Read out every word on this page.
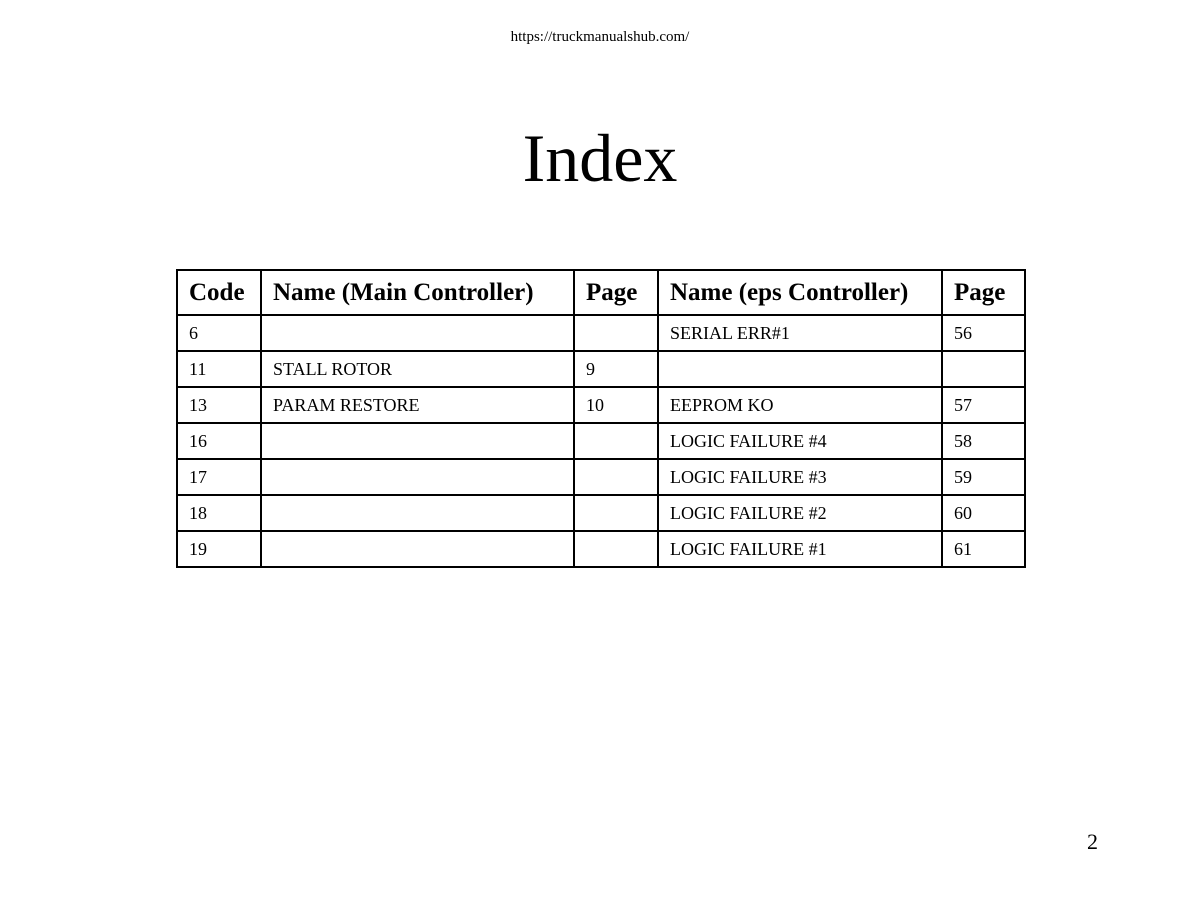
https://truckmanualshub.com/
Index
Code	Name (Main Controller)	Page	Name (eps Controller)	Page
6			SERIAL ERR#1	56
11	STALL ROTOR	9		
13	PARAM RESTORE	10	EEPROM KO	57
16			LOGIC FAILURE #4	58
17			LOGIC FAILURE #3	59
18			LOGIC FAILURE #2	60
19			LOGIC FAILURE #1	61
2
